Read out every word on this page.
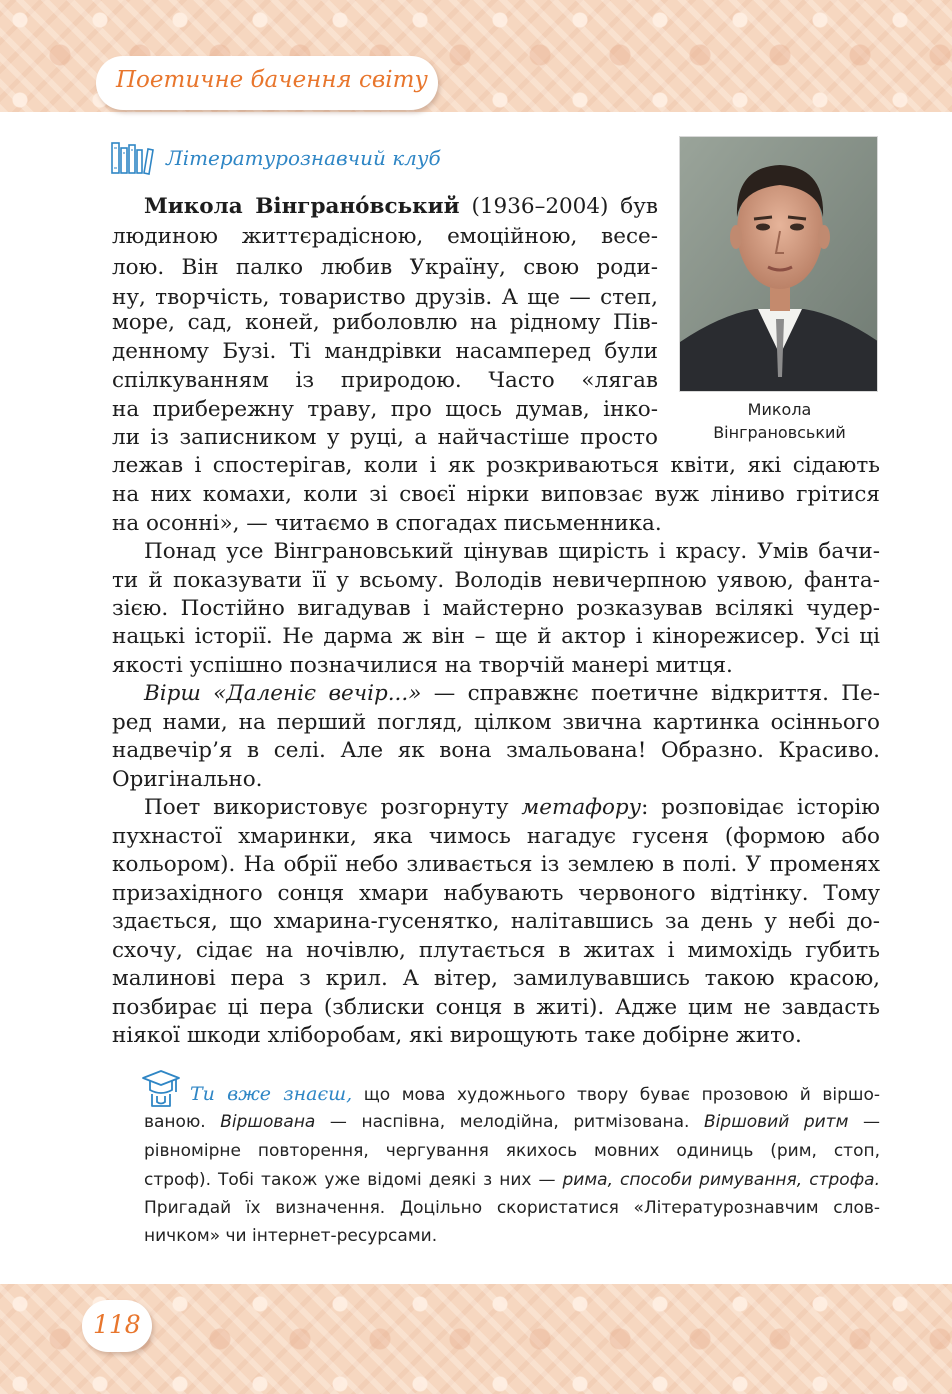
Поетичне бачення світу
Літературознавчий клуб
Микола
Вінграновський
Микола Вінграно́вський (1936–2004) був
людиною життєрадісною, емоційною, весе-
лою. Він палко любив Україну, свою роди-
ну, творчість, товариство друзів. А ще — степ,
море, сад, коней, риболовлю на рідному Пів-
денному Бузі. Ті мандрівки насамперед були
спілкуванням із природою. Часто «лягав
на прибережну траву, про щось думав, інко-
ли із записником у руці, а найчастіше просто
лежав і спостерігав, коли і як розкриваються квіти, які сідають
на них комахи, коли зі своєї нірки виповзає вуж ліниво грітися
на осонні», — читаємо в спогадах письменника.
Понад усе Вінграновський цінував щирість і красу. Умів бачи-
ти й показувати її у всьому. Володів невичерпною уявою, фанта-
зією. Постійно вигадував і майстерно розказував всілякі чудер-
нацькі історії. Не дарма ж він – ще й актор і кінорежисер. Усі ці
якості успішно позначилися на творчій манері митця.
Вірш «Даленіє вечір...» — справжнє поетичне відкриття. Пе-
ред нами, на перший погляд, цілком звична картинка осіннього
надвечір’я в селі. Але як вона змальована! Образно. Красиво.
Оригінально.
Поет використовує розгорнуту метафору: розповідає історію
пухнастої хмаринки, яка чимось нагадує гусеня (формою або
кольором). На обрії небо зливається із землею в полі. У променях
призахідного сонця хмари набувають червоного відтінку. Тому
здається, що хмарина-гусенятко, налітавшись за день у небі до-
схочу, сідає на ночівлю, плутається в житах і мимохідь губить
малинові пера з крил. А вітер, замилувавшись такою красою,
позбирає ці пера (зблиски сонця в житі). Адже цим не завдасть
ніякої шкоди хліборобам, які вирощують таке добірне жито.
Ти вже знаєш, що мова художнього твору буває прозовою й віршо-
ваною. Віршована — наспівна, мелодійна, ритмізована. Віршовий ритм —
рівномірне повторення, чергування якихось мовних одиниць (рим, стоп,
строф). Тобі також уже відомі деякі з них — рима, способи римування, строфа.
Пригадай їх визначення. Доцільно скористатися «Літературознавчим слов-
ничком» чи інтернет-ресурсами.
118
